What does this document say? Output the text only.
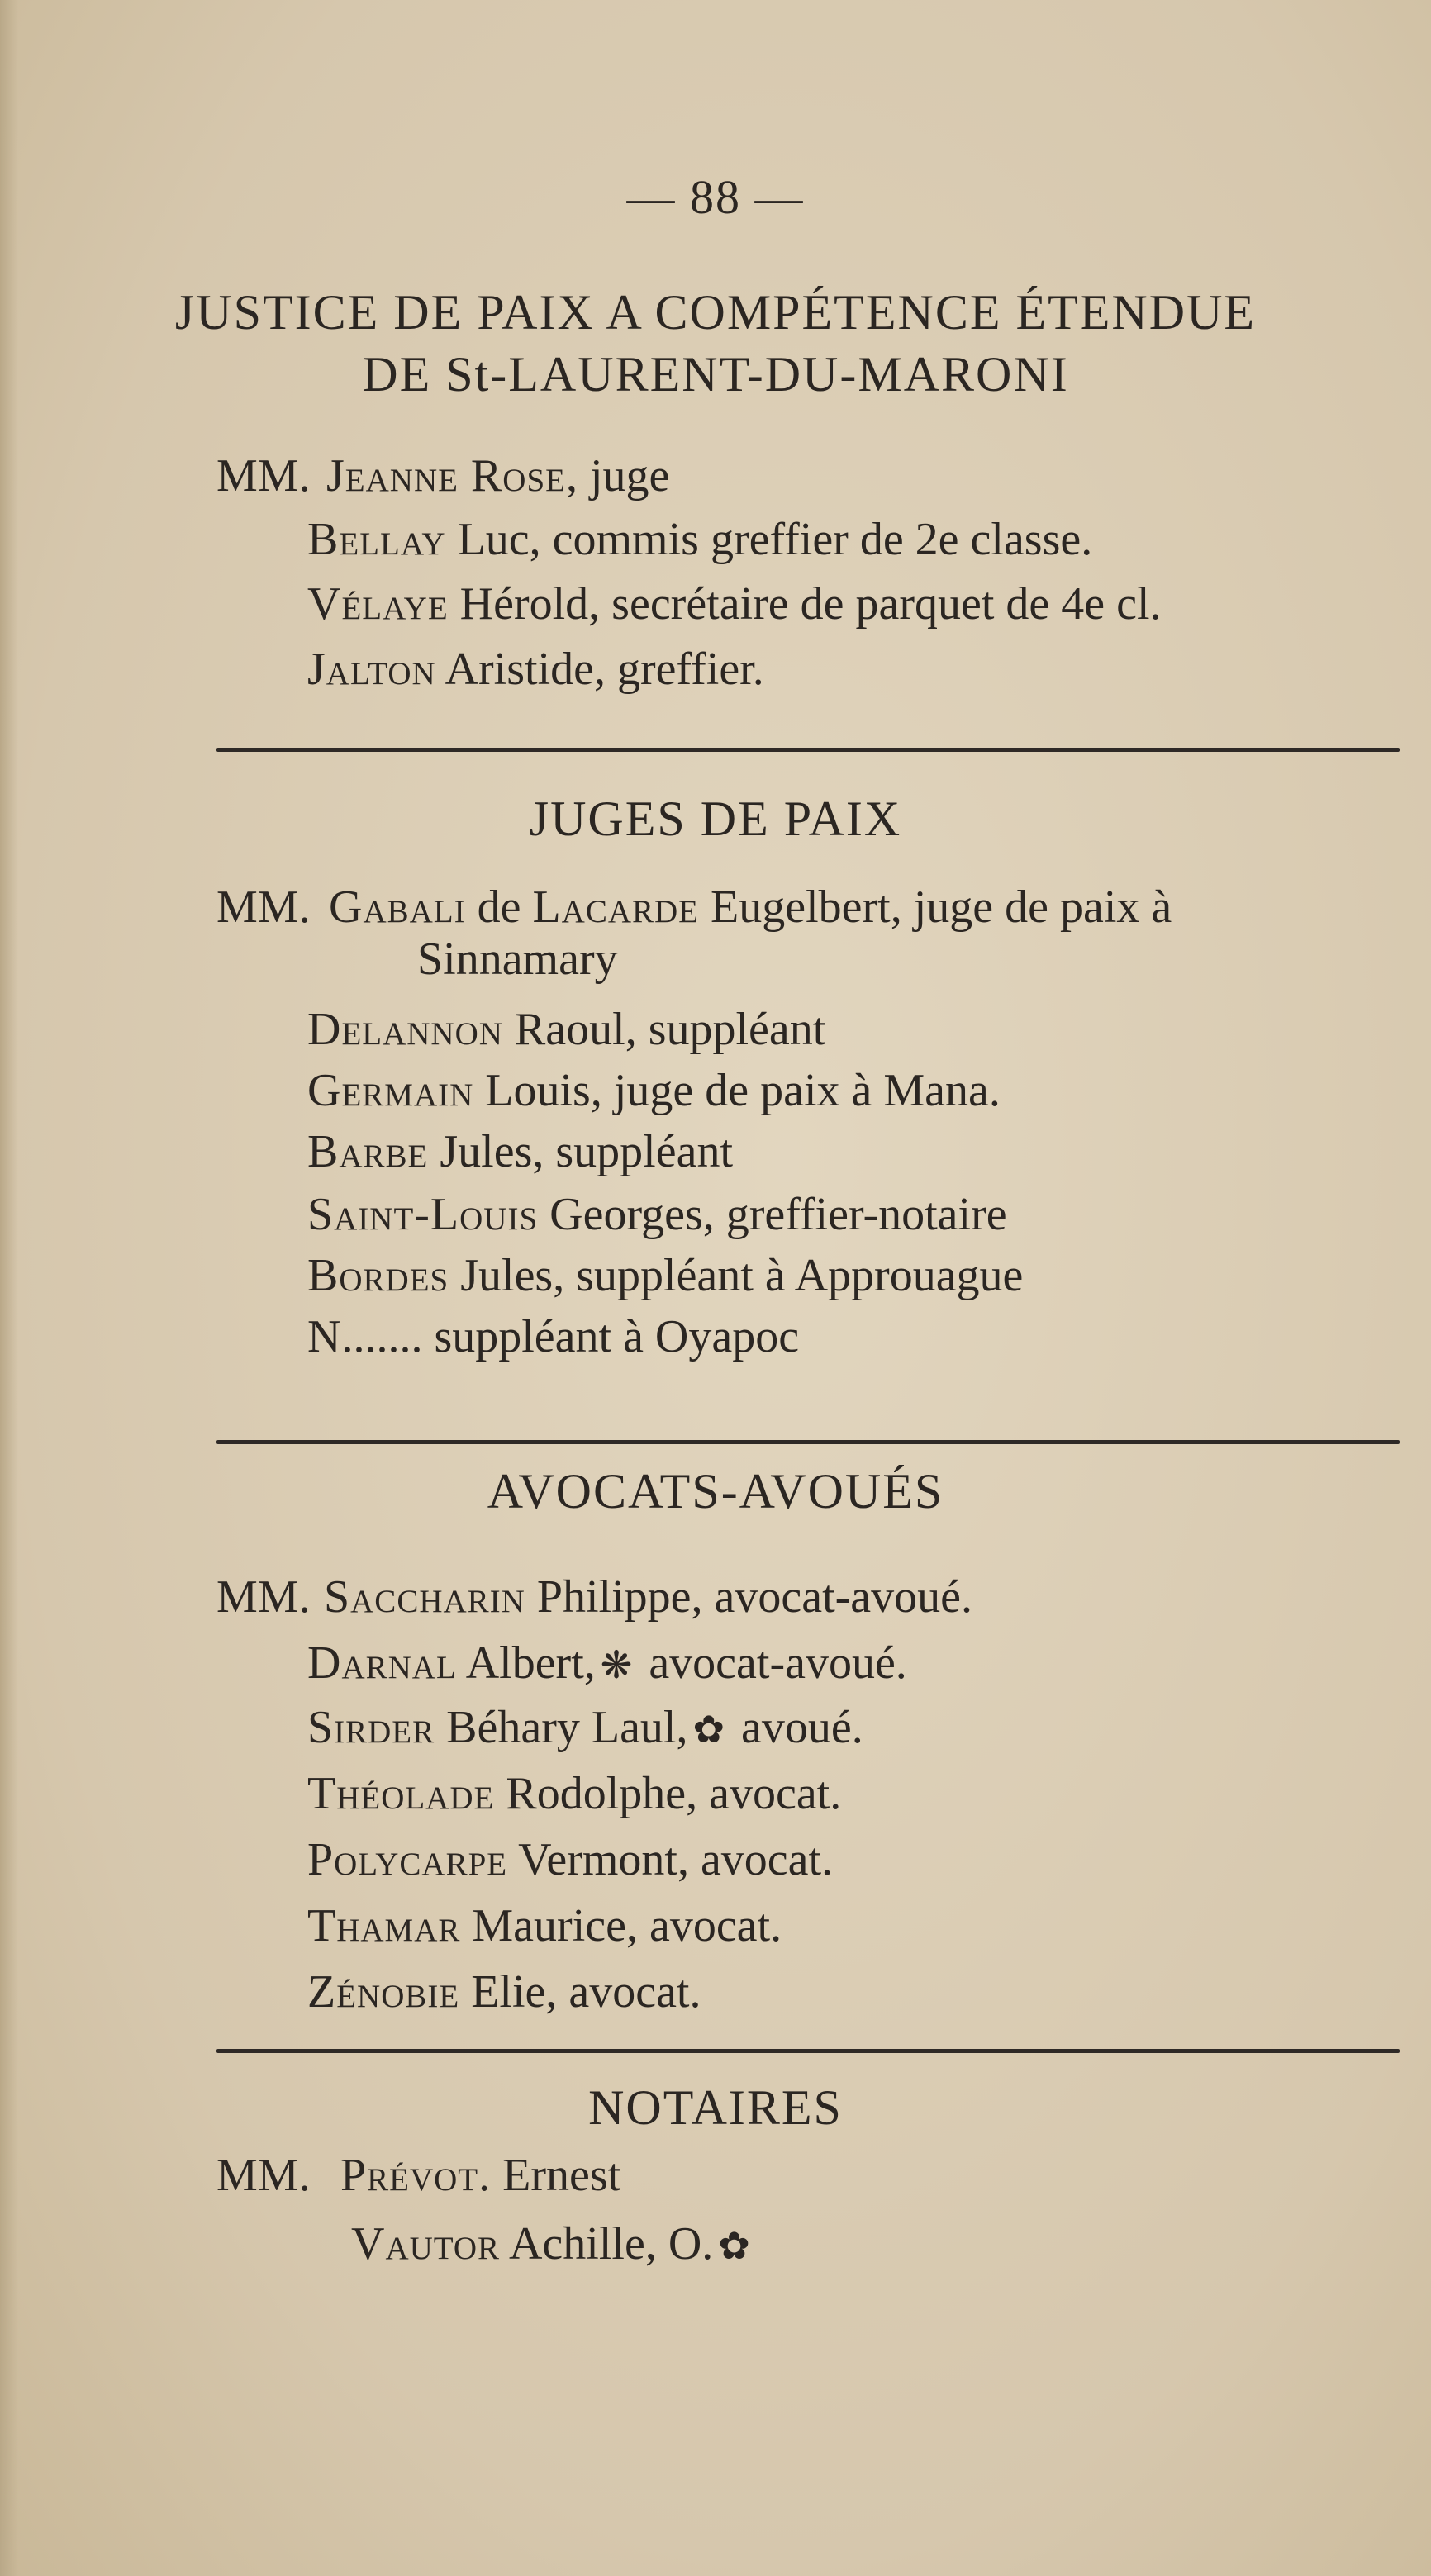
— 88 —
JUSTICE DE PAIX A COMPÉTENCE ÉTENDUE
DE St-LAURENT-DU-MARONI
MM. Jeanne Rose, juge
Bellay Luc, commis greffier de 2e classe.
Vélaye Hérold, secrétaire de parquet de 4e cl.
Jalton Aristide, greffier.
JUGES DE PAIX
MM. Gabali de Lacarde Eugelbert, juge de paix à
Sinnamary
Delannon Raoul, suppléant
Germain Louis, juge de paix à Mana.
Barbe Jules, suppléant
Saint-Louis Georges, greffier-notaire
Bordes Jules, suppléant à Approuague
N....... suppléant à Oyapoc
AVOCATS-AVOUÉS
MM. Saccharin Philippe, avocat-avoué.
Darnal Albert, ❋ avocat-avoué.
Sirder Béhary Laul, ✿ avoué.
Théolade Rodolphe, avocat.
Polycarpe Vermont, avocat.
Thamar Maurice, avocat.
Zénobie Elie, avocat.
NOTAIRES
MM. Prévot. Ernest
Vautor Achille, O. ✿
